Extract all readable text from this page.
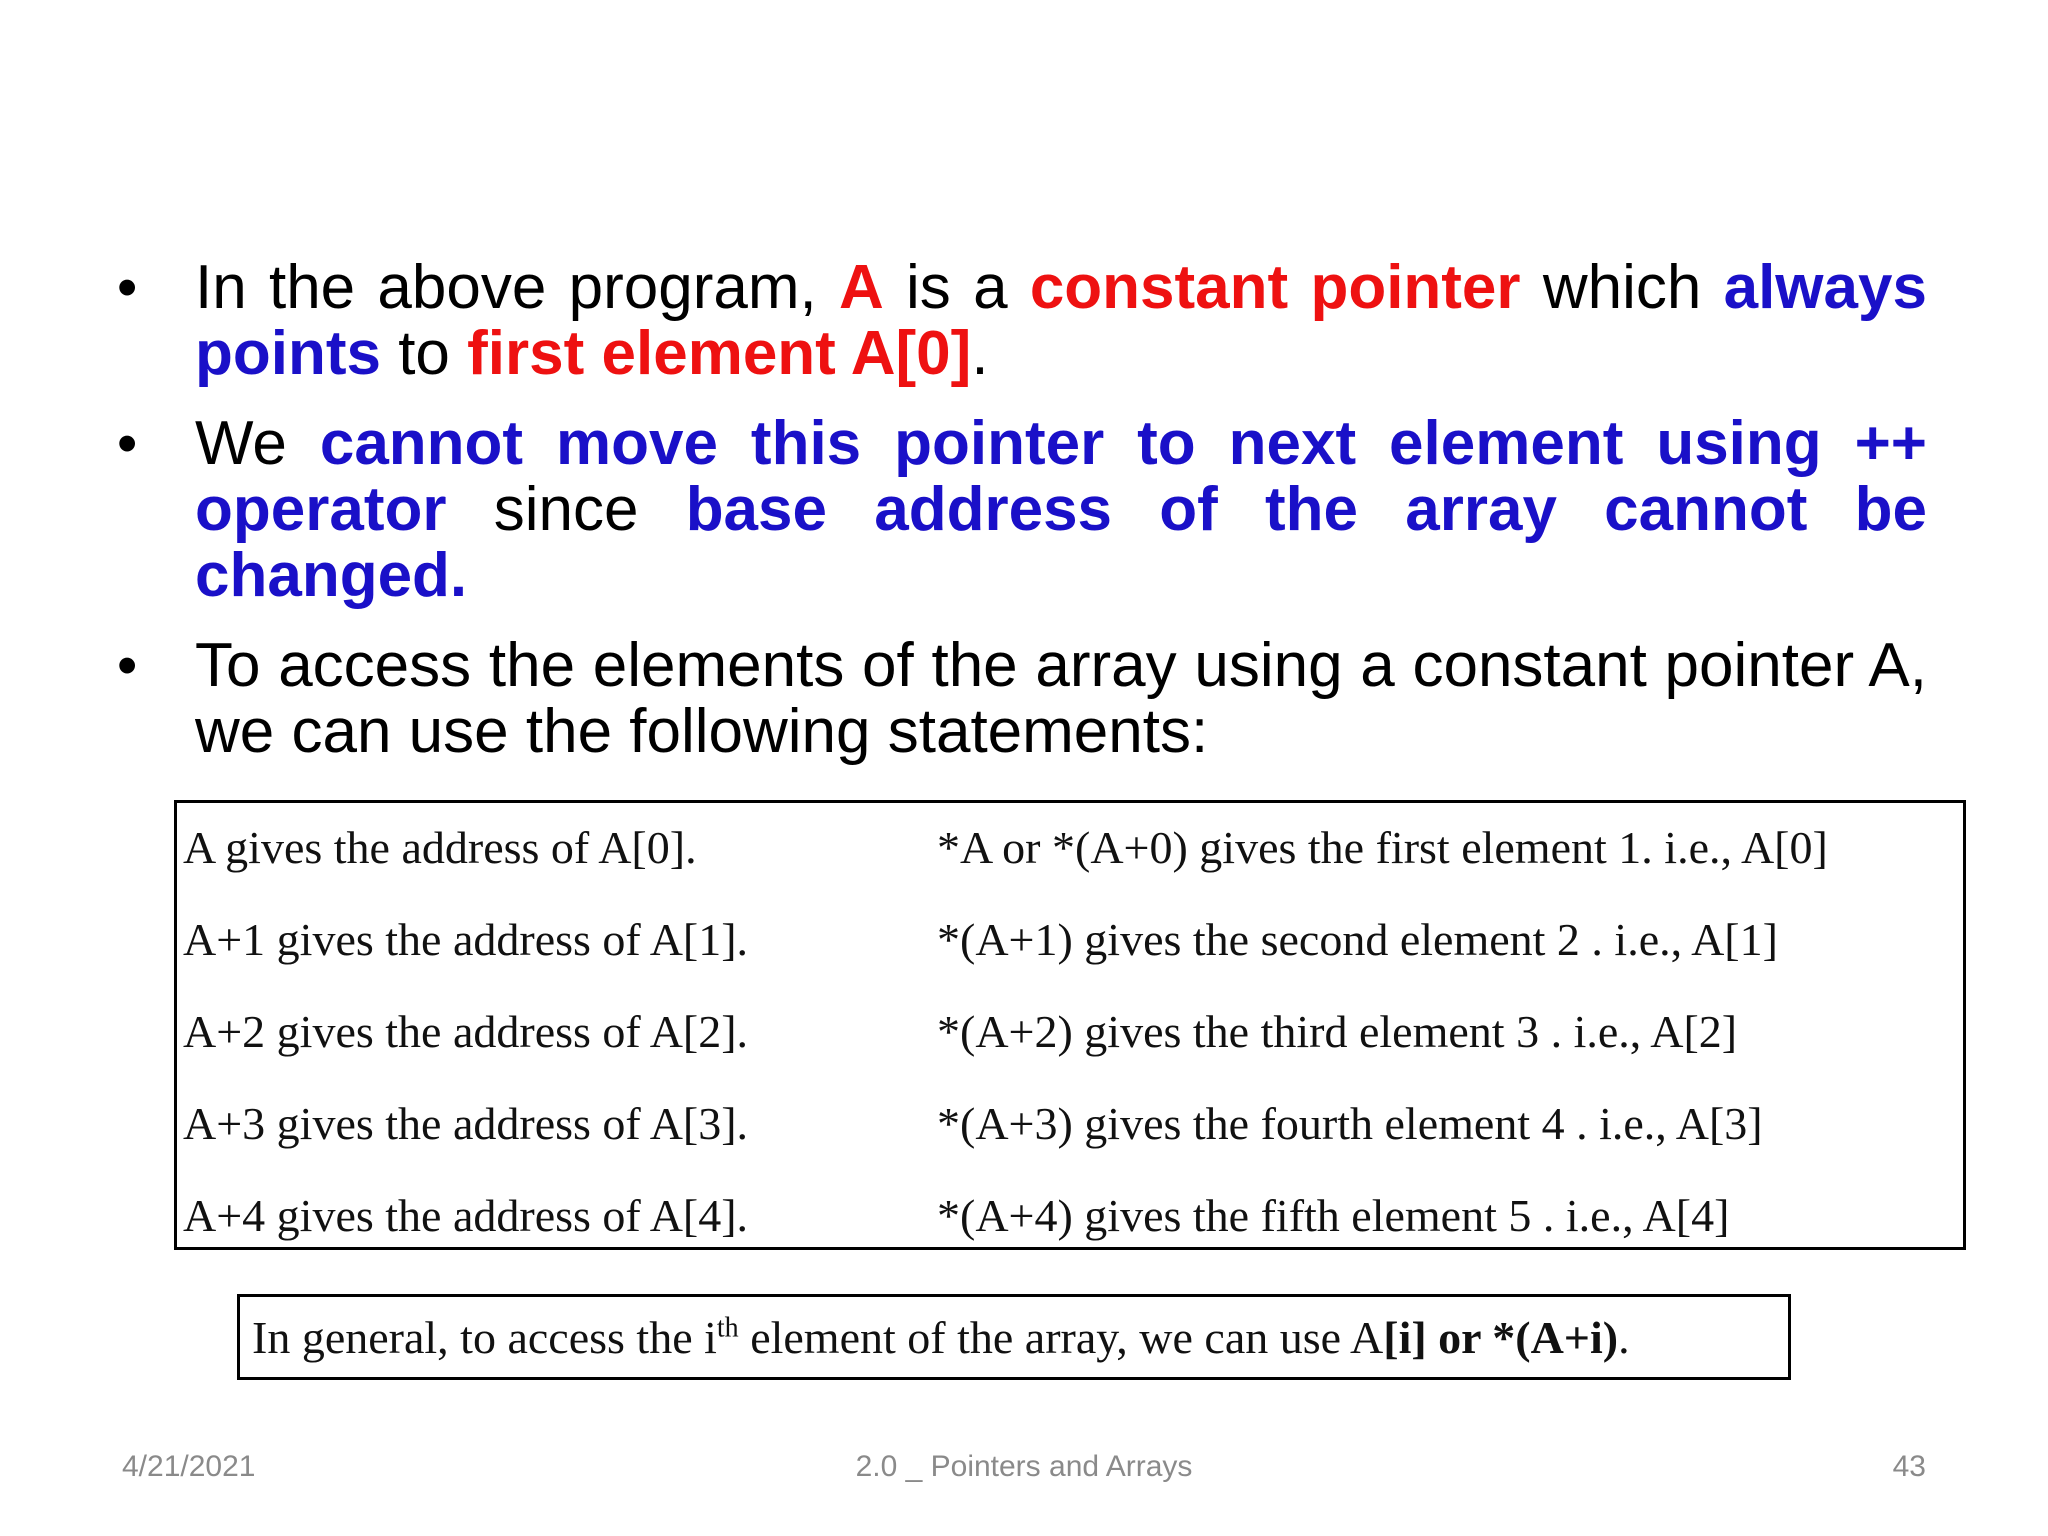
• In the above program, A is a constant pointer which always points to first element A[0].
• We cannot move this pointer to next element using ++ operator since base address of the array cannot be changed.
• To access the elements of the array using a constant pointer A, we can use the following statements:
A gives the address of A[0].	*A or *(A+0) gives the first element 1. i.e., A[0]
A+1 gives the address of A[1].	*(A+1) gives the second element 2 . i.e., A[1]
A+2 gives the address of A[2].	*(A+2) gives the third element 3 . i.e., A[2]
A+3 gives the address of A[3].	*(A+3) gives the fourth element 4 . i.e., A[3]
A+4 gives the address of A[4].	*(A+4) gives the fifth element 5 . i.e., A[4]
In general, to access the $i^{th}$ element of the array, we can use A[i] or *(A+i).
4/21/2021	2.0 _ Pointers and Arrays	43
